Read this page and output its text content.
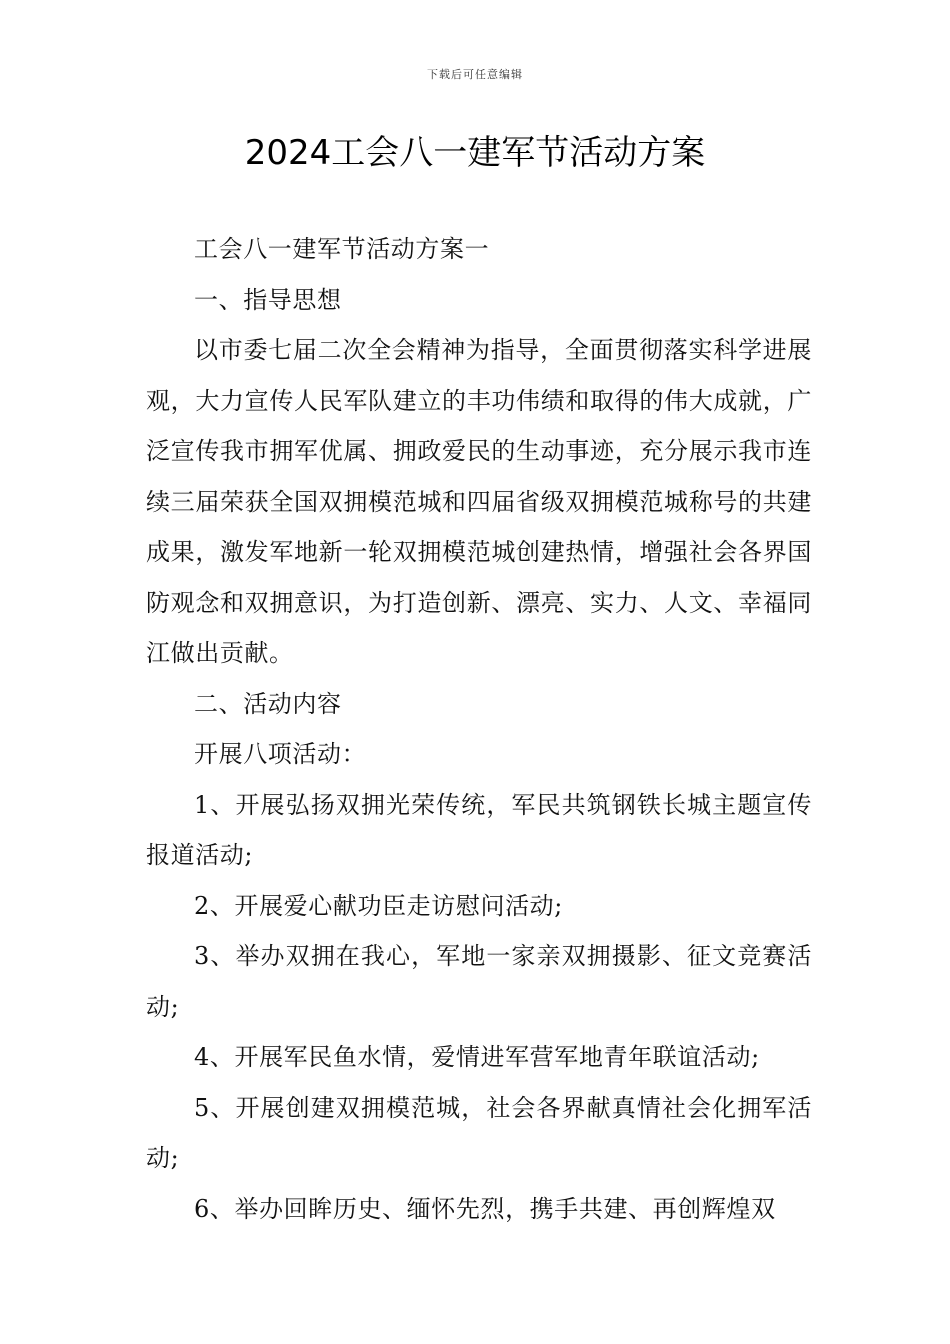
下载后可任意编辑
2024工会八一建军节活动方案

工会八一建军节活动方案一

一、指导思想

以市委七届二次全会精神为指导，全面贯彻落实科学进展观，大力宣传人民军队建立的丰功伟绩和取得的伟大成就，广泛宣传我市拥军优属、拥政爱民的生动事迹，充分展示我市连续三届荣获全国双拥模范城和四届省级双拥模范城称号的共建成果，激发军地新一轮双拥模范城创建热情，增强社会各界国防观念和双拥意识，为打造创新、漂亮、实力、人文、幸福同江做出贡献。

二、活动内容

开展八项活动：

1、开展弘扬双拥光荣传统，军民共筑钢铁长城主题宣传报道活动;

2、开展爱心献功臣走访慰问活动;

3、举办双拥在我心，军地一家亲双拥摄影、征文竞赛活动;

4、开展军民鱼水情，爱情进军营军地青年联谊活动;

5、开展创建双拥模范城，社会各界献真情社会化拥军活动;

6、举办回眸历史、缅怀先烈，携手共建、再创辉煌双
